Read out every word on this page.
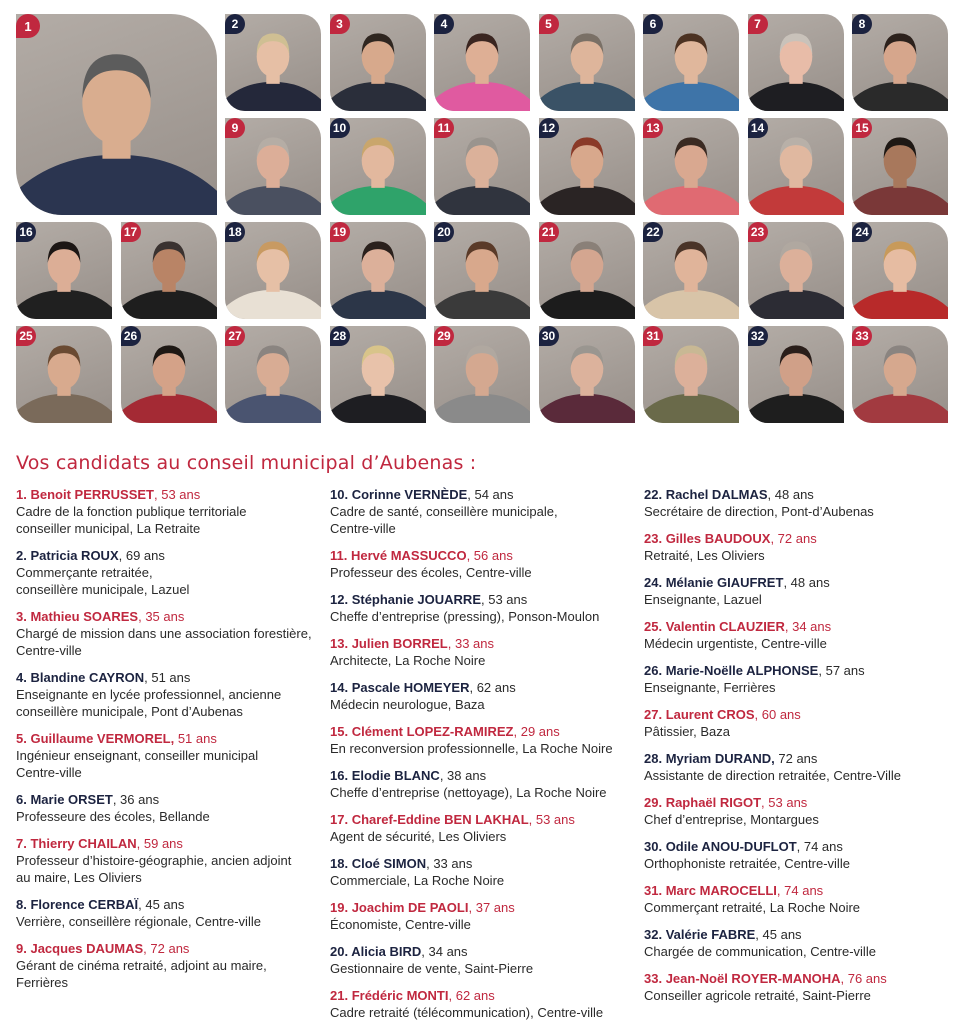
1	2	3	4	5	6	7	8
9	10	11	12	13	14	15
16	17	18	19	20	21	22	23	24
25	26	27	28	29	30	31	32	33
Vos candidats au conseil municipal d’Aubenas :
1. Benoit PERRUSSET, 53 ans
Cadre de la fonction publique territoriale
conseiller municipal, La Retraite
2. Patricia ROUX, 69 ans
Commerçante retraitée,
conseillère municipale, Lazuel
3. Mathieu SOARES, 35 ans
Chargé de mission dans une association forestière,
Centre-ville
4. Blandine CAYRON, 51 ans
Enseignante en lycée professionnel, ancienne
conseillère municipale, Pont d’Aubenas
5. Guillaume VERMOREL, 51 ans
Ingénieur enseignant, conseiller municipal
Centre-ville
6. Marie ORSET, 36 ans
Professeure des écoles, Bellande
7. Thierry CHAILAN, 59 ans
Professeur d’histoire-géographie, ancien adjoint
au maire, Les Oliviers
8. Florence CERBAÏ, 45 ans
Verrière, conseillère régionale, Centre-ville
9. Jacques DAUMAS, 72 ans
Gérant de cinéma retraité, adjoint au maire,
Ferrières
10. Corinne VERNÈDE, 54 ans
Cadre de santé, conseillère municipale,
Centre-ville
11. Hervé MASSUCCO, 56 ans
Professeur des écoles, Centre-ville
12. Stéphanie JOUARRE, 53 ans
Cheffe d’entreprise (pressing), Ponson-Moulon
13. Julien BORREL, 33 ans
Architecte, La Roche Noire
14. Pascale HOMEYER, 62 ans
Médecin neurologue, Baza
15. Clément LOPEZ-RAMIREZ, 29 ans
En reconversion professionnelle, La Roche Noire
16. Elodie BLANC, 38 ans
Cheffe d’entreprise (nettoyage), La Roche Noire
17. Charef-Eddine BEN LAKHAL, 53 ans
Agent de sécurité, Les Oliviers
18. Cloé SIMON, 33 ans
Commerciale, La Roche Noire
19. Joachim DE PAOLI, 37 ans
Économiste, Centre-ville
20. Alicia BIRD, 34 ans
Gestionnaire de vente, Saint-Pierre
21. Frédéric MONTI, 62 ans
Cadre retraité (télécommunication), Centre-ville
22. Rachel DALMAS, 48 ans
Secrétaire de direction, Pont-d’Aubenas
23. Gilles BAUDOUX, 72 ans
Retraité, Les Oliviers
24. Mélanie GIAUFRET, 48 ans
Enseignante, Lazuel
25. Valentin CLAUZIER, 34 ans
Médecin urgentiste, Centre-ville
26. Marie-Noëlle ALPHONSE, 57 ans
Enseignante, Ferrières
27. Laurent CROS, 60 ans
Pâtissier, Baza
28. Myriam DURAND, 72 ans
Assistante de direction retraitée, Centre-Ville
29. Raphaël RIGOT, 53 ans
Chef d’entreprise, Montargues
30. Odile ANOU-DUFLOT, 74 ans
Orthophoniste retraitée, Centre-ville
31. Marc MAROCELLI, 74 ans
Commerçant retraité, La Roche Noire
32. Valérie FABRE, 45 ans
Chargée de communication, Centre-ville
33. Jean-Noël ROYER-MANOHA, 76 ans
Conseiller agricole retraité, Saint-Pierre
